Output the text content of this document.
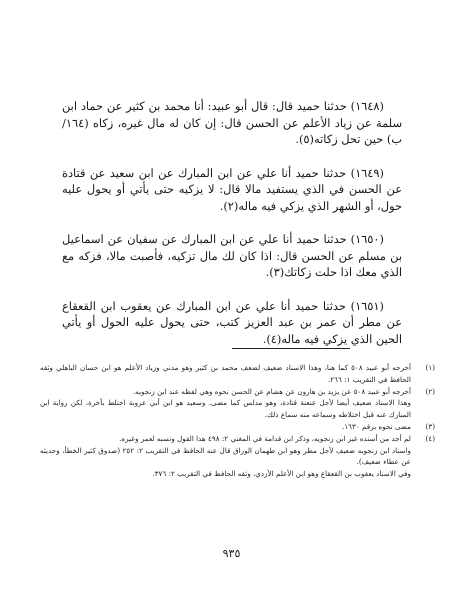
(١٦٤٨) حدثنا حميد قال: قال أبو عبيد: أنا محمد بن كثير عن حماد ابن سلمة عن زياد الأعلم عن الحسن قال: إن كان له مال غيره، زكاه (١٦٤/ب) حين تحل زكاته(٥).

(١٦٤٩) حدثنا حميد أنا علي عن ابن المبارك عن ابن سعيد عن قتادة عن الحسن في الذي يستفيد مالا قال: لا يزكيه حتى يأتي أو يحول عليه حول، أو الشهر الذي يزكي فيه ماله(٢).

(١٦٥٠) حدثنا حميد أنا علي عن ابن المبارك عن سفيان عن اسماعيل بن مسلم عن الحسن قال: اذا كان لك مال تزكيه، فأصبت مالا، فزكه مع الذي معك اذا حلت زكاتك(٣).

(١٦٥١) حدثنا حميد أنا علي عن ابن المبارك عن يعقوب ابن القعقاع عن مطر أن عمر بن عبد العزيز كتب، حتى يحول عليه الحول أو يأتي الحين الذي يزكي فيه ماله(٤).

(١)
أخرجه أبو عبيد ٥٠٨ كما هنا، وهذا الاسناد ضعيف لضعف محمد بن كثير وهو مدني وزياد الأعلم هو ابن حسان الباهلي وثقه الحافظ في التقريب ١: ٢٦٦.
(٢)
أخرجه أبو عبيد ٥٠٨ عن يزيد بن هارون عن هشام عن الحسن نحوه وهي لفظه عند ابن زنجويه.
وهذا الاسناد ضعيف أيضا لأجل عنعنة قتادة، وهو مدلس كما مضى. وسعيد هو ابن أبي عروبة اختلط بأخرة، لكن رواية ابن المبارك عنه قبل اختلاطه وسماعه منه سماع ذلك.
(٣)
مضى نحوه برقم ١٦٣٠.
(٤)
لم أجد من أسنده غير ابن زنجويه، وذكر ابن قدامة في المغني ٢: ٤٩٨ هذا القول ونسبه لعمر وغيره.
واسناد ابن زنجويه ضعيف لأجل مطر وهو ابن طهمان الوراق قال عنه الحافظ في التقريب ٢: ٢٥٢ (صدوق كثير الخطأ، وحديثه عن عطاء ضعيف).
وفي الاسناد يعقوب بن القعقاع وهو ابن الأعلم الأزدي، وثقه الحافظ في التقريب ٢: ٣٧٦.
٩٣٥
